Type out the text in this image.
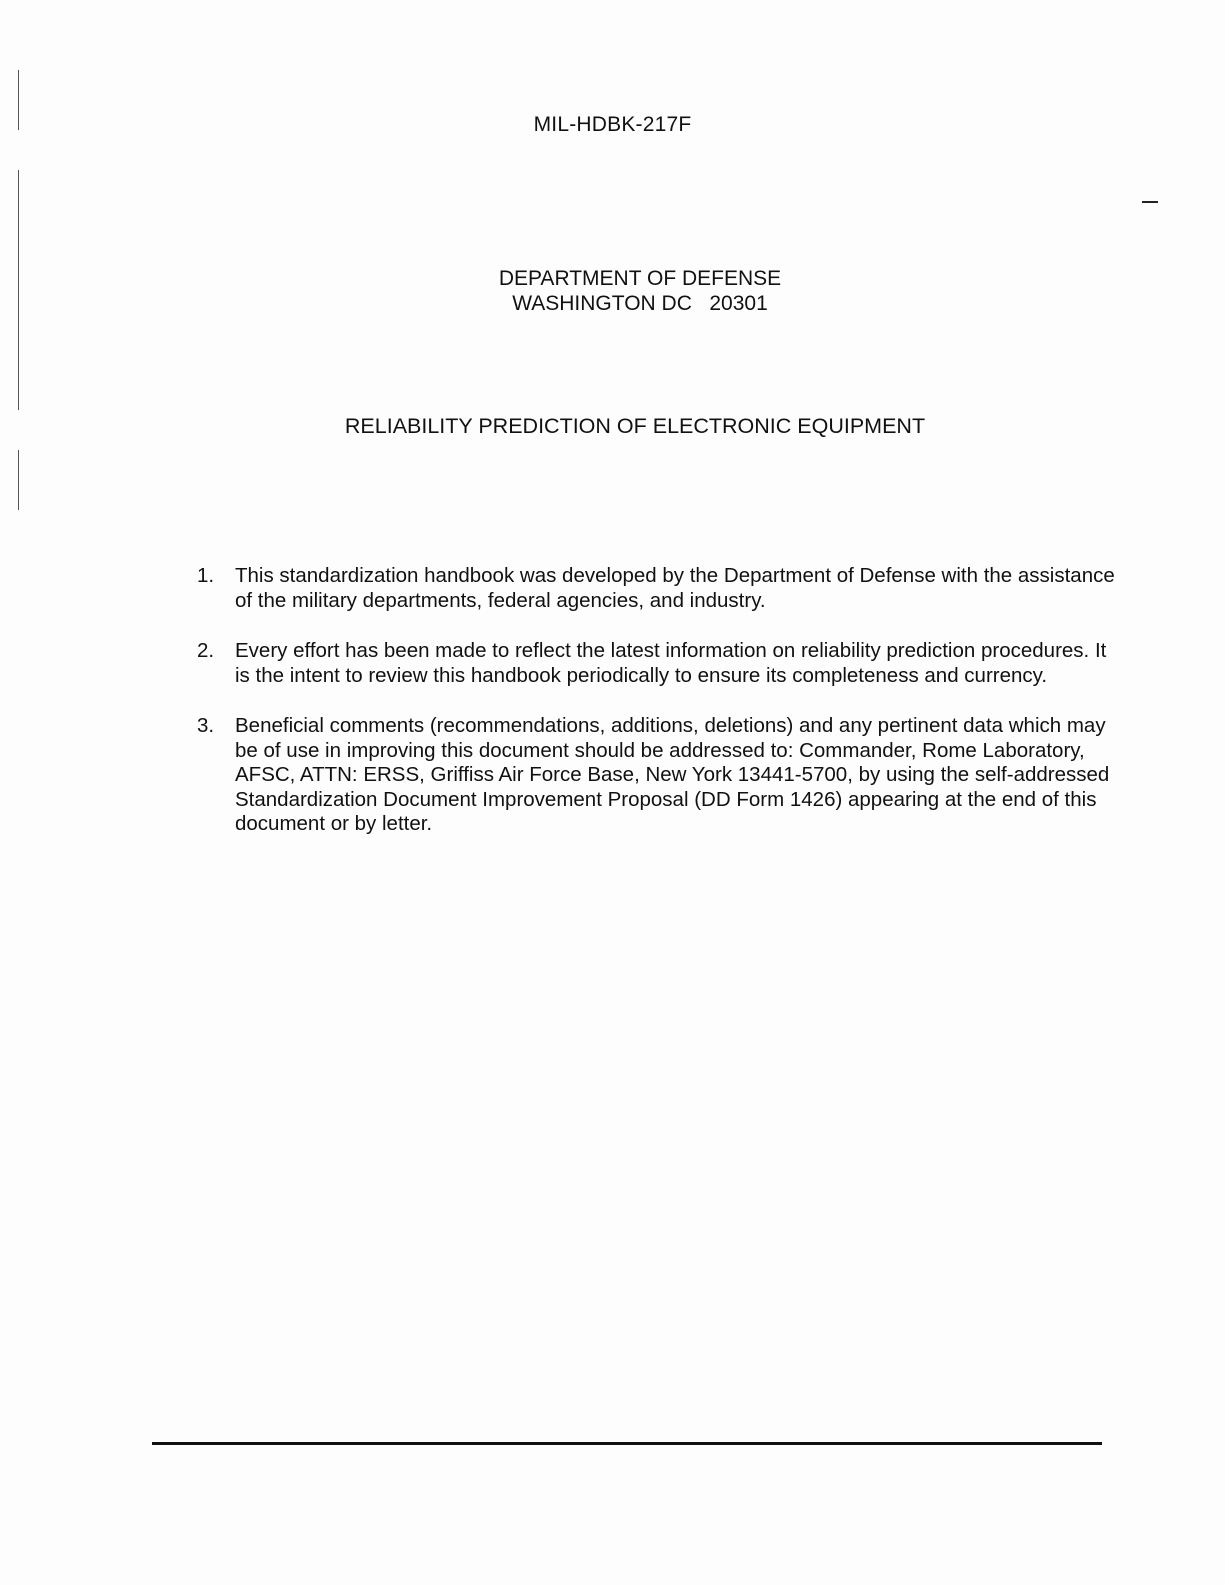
MIL-HDBK-217F
DEPARTMENT OF DEFENSE
WASHINGTON DC   20301
RELIABILITY PREDICTION OF ELECTRONIC EQUIPMENT
1.	This standardization handbook was developed by the Department of Defense with the assistance of the military departments, federal agencies, and industry.
2.	Every effort has been made to reflect the latest information on reliability prediction procedures. It is the intent to review this handbook periodically to ensure its completeness and currency.
3.	Beneficial comments (recommendations, additions, deletions) and any pertinent data which may be of use in improving this document should be addressed to: Commander, Rome Laboratory, AFSC, ATTN: ERSS, Griffiss Air Force Base, New York 13441-5700, by using the self-addressed Standardization Document Improvement Proposal (DD Form 1426) appearing at the end of this document or by letter.
